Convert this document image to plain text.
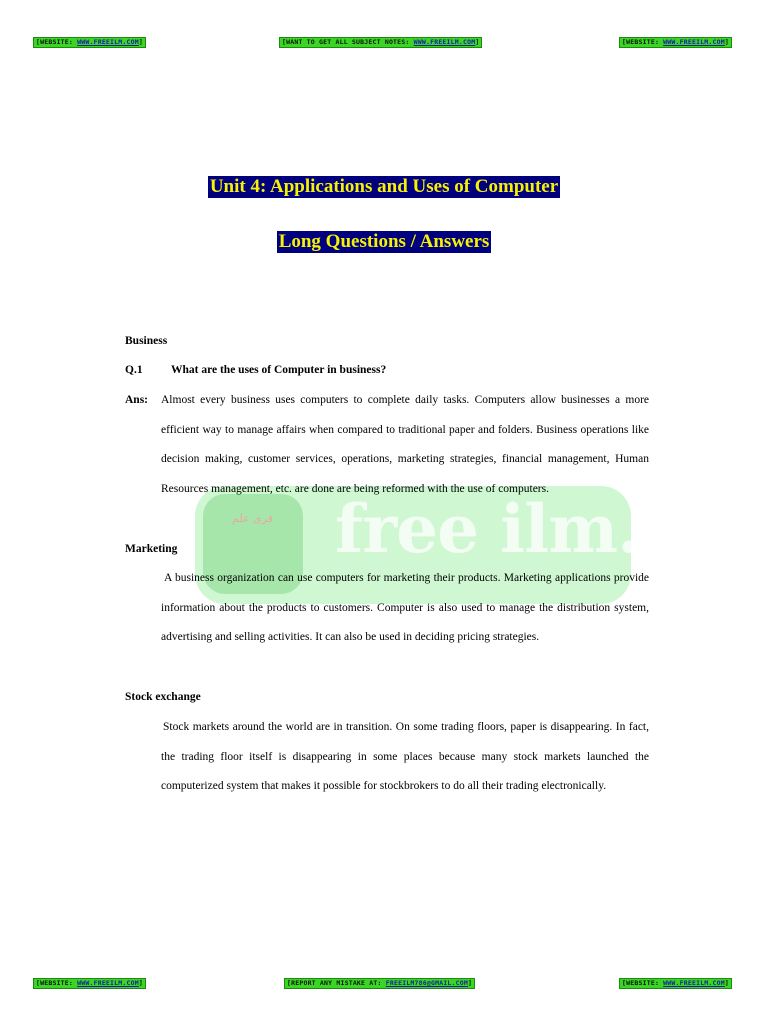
[WEBSITE: WWW.FREEILM.COM]	[WANT TO GET ALL SUBJECT NOTES: WWW.FREEILM.COM]	[WEBSITE: WWW.FREEILM.COM]
Unit 4: Applications and Uses of Computer
Long Questions / Answers
فری علم free ilm.
Business
Q.1 What are the uses of Computer in business?
Ans: Almost every business uses computers to complete daily tasks. Computers allow businesses a more efficient way to manage affairs when compared to traditional paper and folders. Business operations like decision making, customer services, operations, marketing strategies, financial management, Human Resources management, etc. are done are being reformed with the use of computers.

Marketing

A business organization can use computers for marketing their products. Marketing applications provide information about the products to customers. Computer is also used to manage the distribution system, advertising and selling activities. It can also be used in deciding pricing strategies.

Stock exchange

Stock markets around the world are in transition. On some trading floors, paper is disappearing. In fact, the trading floor itself is disappearing in some places because many stock markets launched the computerized system that makes it possible for stockbrokers to do all their trading electronically.

[WEBSITE: WWW.FREEILM.COM]	[REPORT ANY MISTAKE AT: FREEILM786@GMAIL.COM]	[WEBSITE: WWW.FREEILM.COM]
